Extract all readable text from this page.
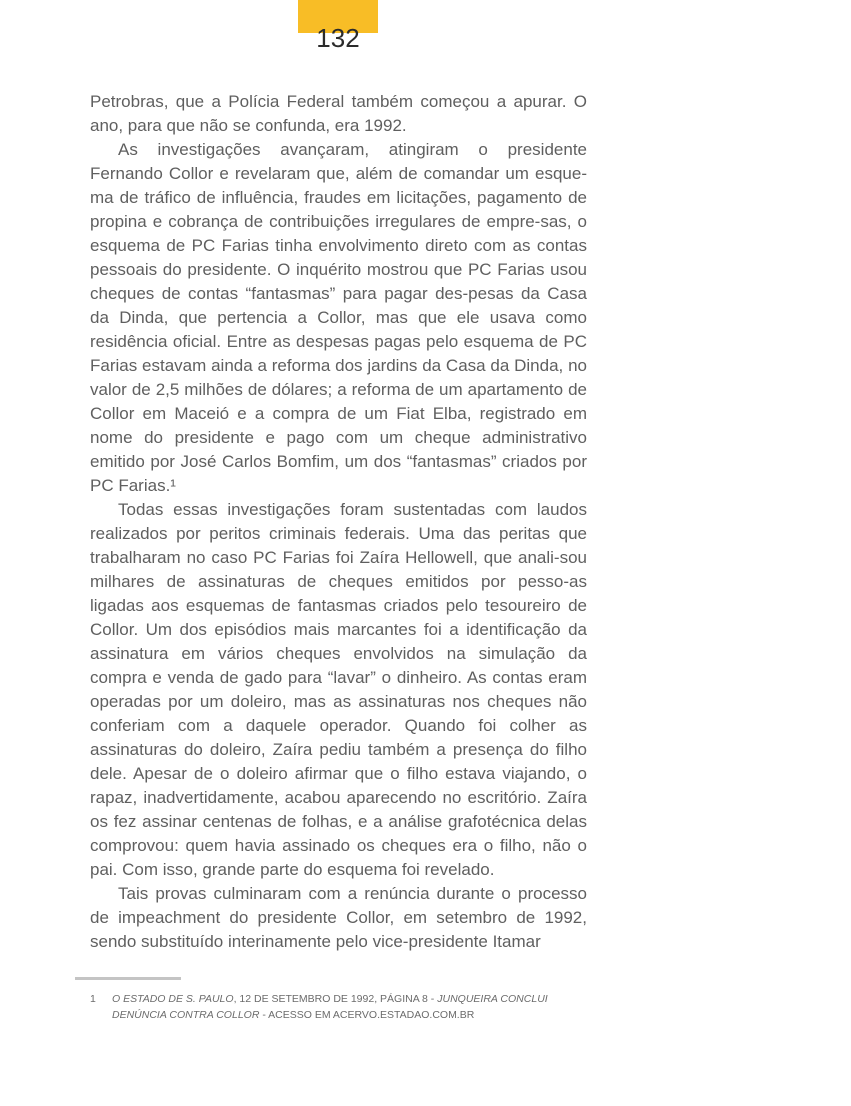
132

Petrobras, que a Polícia Federal também começou a apurar. O ano, para que não se confunda, era 1992.

As investigações avançaram, atingiram o presidente Fernando Collor e revelaram que, além de comandar um esque-ma de tráfico de influência, fraudes em licitações, pagamento de propina e cobrança de contribuições irregulares de empre-sas, o esquema de PC Farias tinha envolvimento direto com as contas pessoais do presidente. O inquérito mostrou que PC Farias usou cheques de contas “fantasmas” para pagar des-pesas da Casa da Dinda, que pertencia a Collor, mas que ele usava como residência oficial. Entre as despesas pagas pelo esquema de PC Farias estavam ainda a reforma dos jardins da Casa da Dinda, no valor de 2,5 milhões de dólares; a reforma de um apartamento de Collor em Maceió e a compra de um Fiat Elba, registrado em nome do presidente e pago com um cheque administrativo emitido por José Carlos Bomfim, um dos “fantasmas” criados por PC Farias.¹

Todas essas investigações foram sustentadas com laudos realizados por peritos criminais federais. Uma das peritas que trabalharam no caso PC Farias foi Zaíra Hellowell, que anali-sou milhares de assinaturas de cheques emitidos por pesso-as ligadas aos esquemas de fantasmas criados pelo tesoureiro de Collor. Um dos episódios mais marcantes foi a identificação da assinatura em vários cheques envolvidos na simulação da compra e venda de gado para “lavar” o dinheiro. As contas eram operadas por um doleiro, mas as assinaturas nos cheques não conferiam com a daquele operador. Quando foi colher as assinaturas do doleiro, Zaíra pediu também a presença do filho dele. Apesar de o doleiro afirmar que o filho estava viajando, o rapaz, inadvertidamente, acabou aparecendo no escritório. Zaíra os fez assinar centenas de folhas, e a análise grafotécnica delas comprovou: quem havia assinado os cheques era o filho, não o pai. Com isso, grande parte do esquema foi revelado.

Tais provas culminaram com a renúncia durante o processo de impeachment do presidente Collor, em setembro de 1992, sendo substituído interinamente pelo vice-presidente Itamar

1 O ESTADO DE S. PAULO, 12 DE SETEMBRO DE 1992, PÁGINA 8 - JUNQUEIRA CONCLUI DENÚNCIA CONTRA COLLOR - ACESSO EM ACERVO.ESTADAO.COM.BR
